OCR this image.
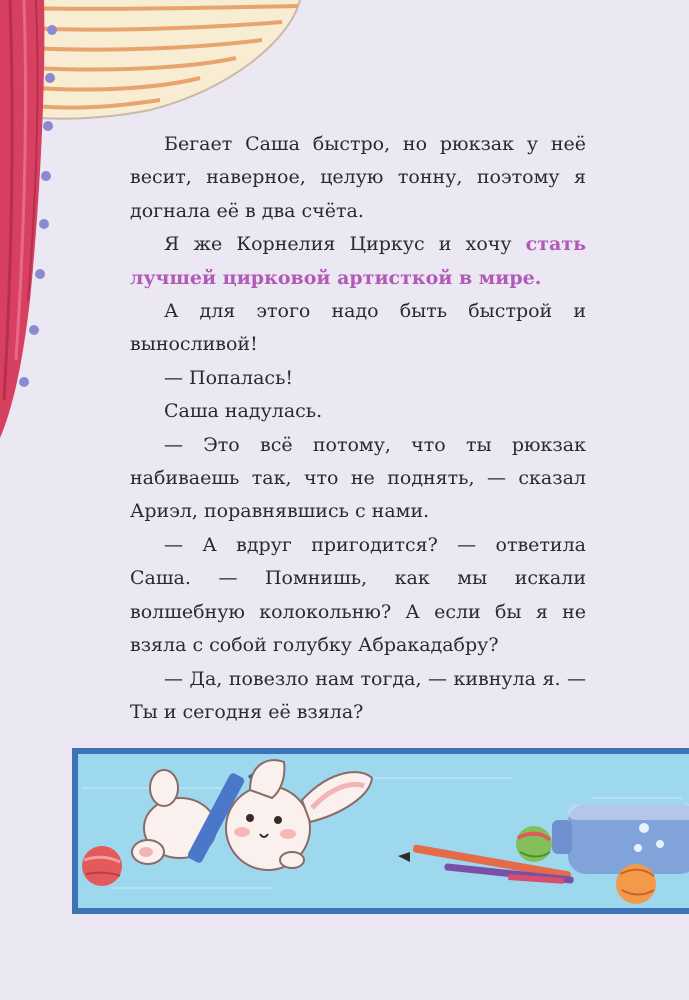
Бегает Саша быстро, но рюкзак у неё весит, наверное, целую тонну, поэтому я догнала её в два счёта.

Я же Корнелия Циркус и хочу стать лучшей цирковой артисткой в мире.

А для этого надо быть быстрой и выносливой!

— Попалась!

Саша надулась.

— Это всё потому, что ты рюкзак набиваешь так, что не поднять, — сказал Ариэл, поравнявшись с нами.

— А вдруг пригодится? — ответила Саша. — Помнишь, как мы искали волшебную колокольню? А если бы я не взяла с собой голубку Абракадабру?

— Да, повезло нам тогда, — кивнула я. — Ты и сегодня её взяла?
